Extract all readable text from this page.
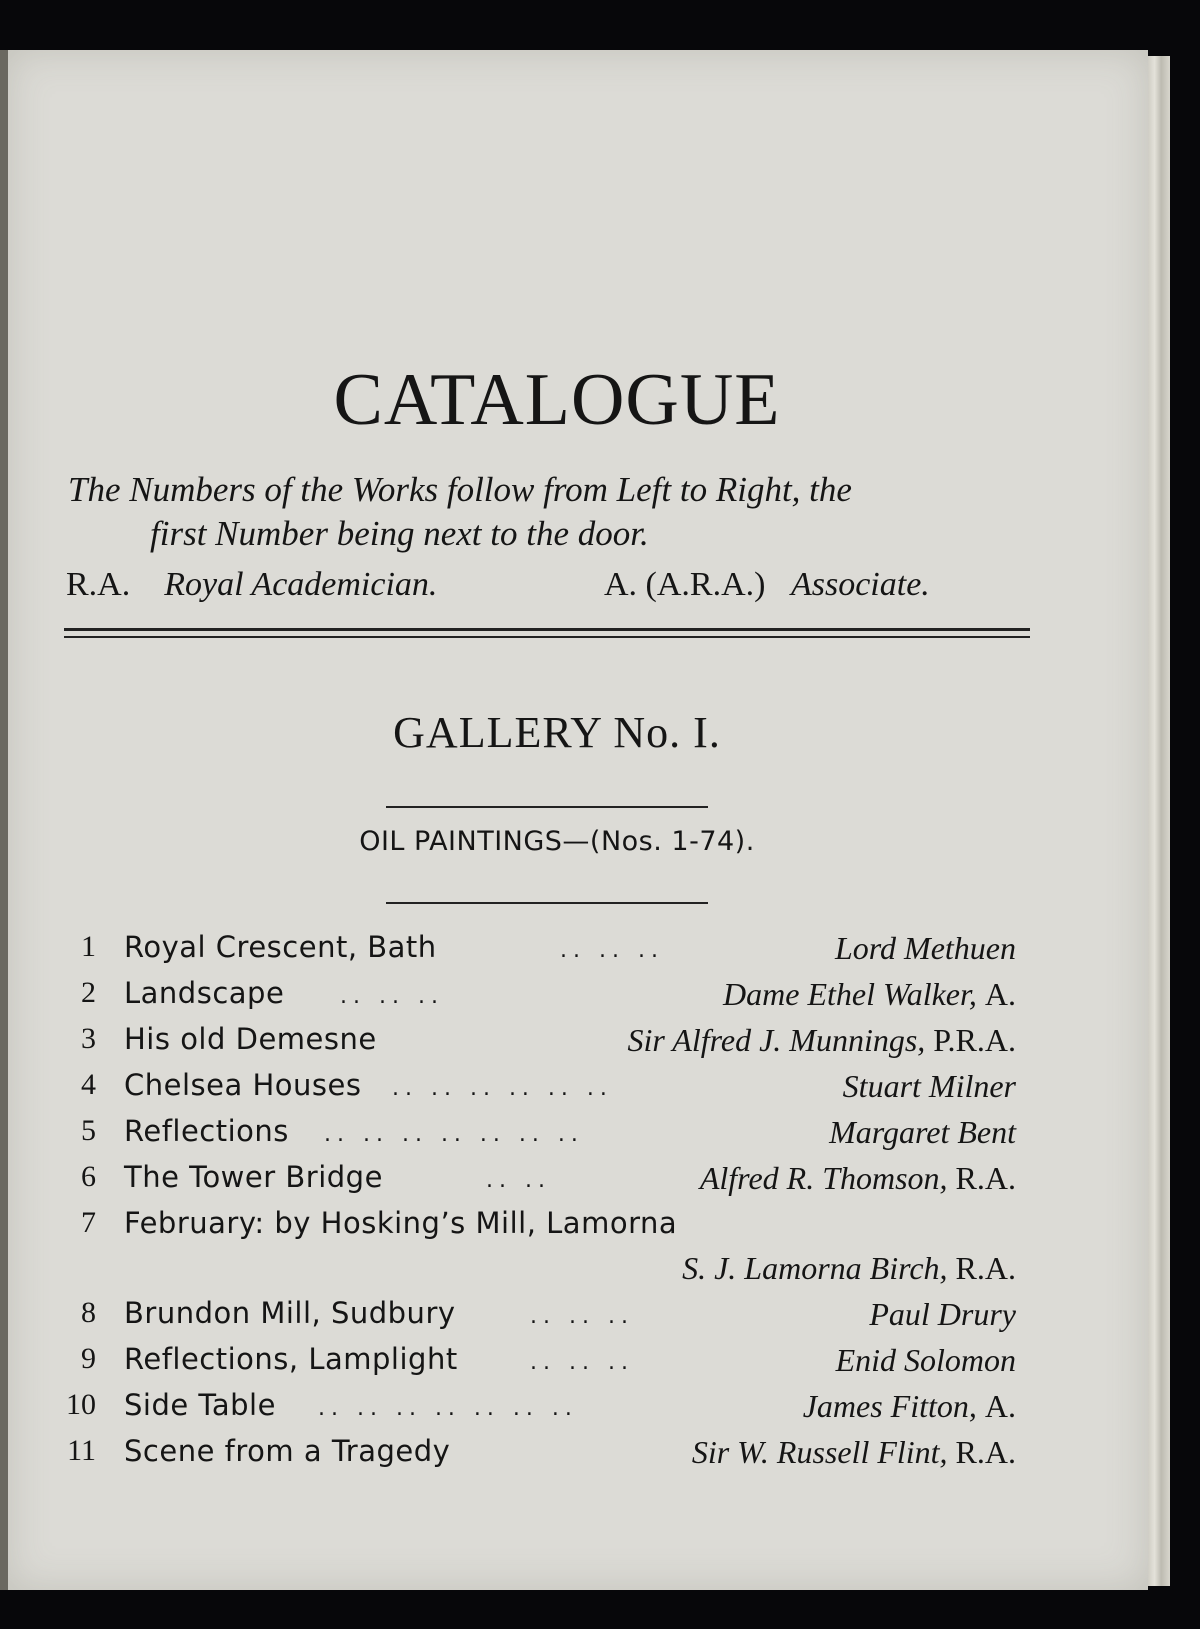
CATALOGUE
The Numbers of the Works follow from Left to Right, the
first Number being next to the door.
R.A. Royal Academician.	A. (A.R.A.) Associate.
GALLERY No. I.
OIL PAINTINGS—(Nos. 1-74).
1 Royal Crescent, Bath	.. .. ..	Lord Methuen
2 Landscape	.. .. ..	Dame Ethel Walker, A.
3 His old Demesne	Sir Alfred J. Munnings, P.R.A.
4 Chelsea Houses .. .. .. .. .. ..	Stuart Milner
5 Reflections .. .. .. .. .. .. ..	Margaret Bent
6 The Tower Bridge	.. ..	Alfred R. Thomson, R.A.
7 February: by Hosking’s Mill, Lamorna
S. J. Lamorna Birch, R.A.
8 Brundon Mill, Sudbury	.. .. ..	Paul Drury
9 Reflections, Lamplight	.. .. ..	Enid Solomon
10 Side Table .. .. .. .. .. .. ..	James Fitton, A.
11 Scene from a Tragedy	Sir W. Russell Flint, R.A.
